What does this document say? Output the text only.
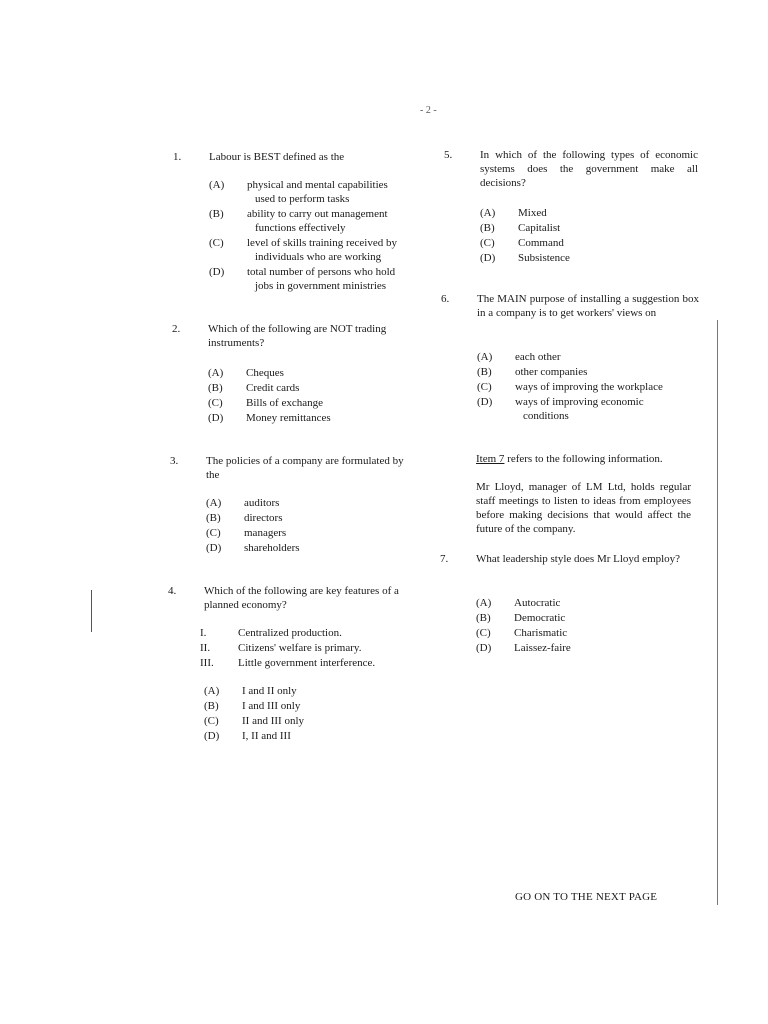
- 2 -
1.	Labour is BEST defined as the
(A) physical and mental capabilities
used to perform tasks
(B) ability to carry out management
functions effectively
(C) level of skills training received by
individuals who are working
(D) total number of persons who hold
jobs in government ministries
2.	Which of the following are NOT trading instruments?
(A) Cheques
(B) Credit cards
(C) Bills of exchange
(D) Money remittances
3.	The policies of a company are formulated by the
(A) auditors
(B) directors
(C) managers
(D) shareholders
4.	Which of the following are key features of a planned economy?
I.	Centralized production.
II.	Citizens' welfare is primary.
III. Little government interference.
(A) I and II only
(B) I and III only
(C) II and III only
(D) I, II and III
5.	In which of the following types of economic systems does the government make all decisions?
(A) Mixed
(B) Capitalist
(C) Command
(D) Subsistence
6.	The MAIN purpose of installing a suggestion box in a company is to get workers' views on
(A) each other
(B) other companies
(C) ways of improving the workplace
(D) ways of improving economic
conditions
Item 7 refers to the following information.
Mr Lloyd, manager of LM Ltd, holds regular staff meetings to listen to ideas from employees before making decisions that would affect the future of the company.
7.	What leadership style does Mr Lloyd employ?
(A) Autocratic
(B) Democratic
(C) Charismatic
(D) Laissez-faire
GO ON TO THE NEXT PAGE
